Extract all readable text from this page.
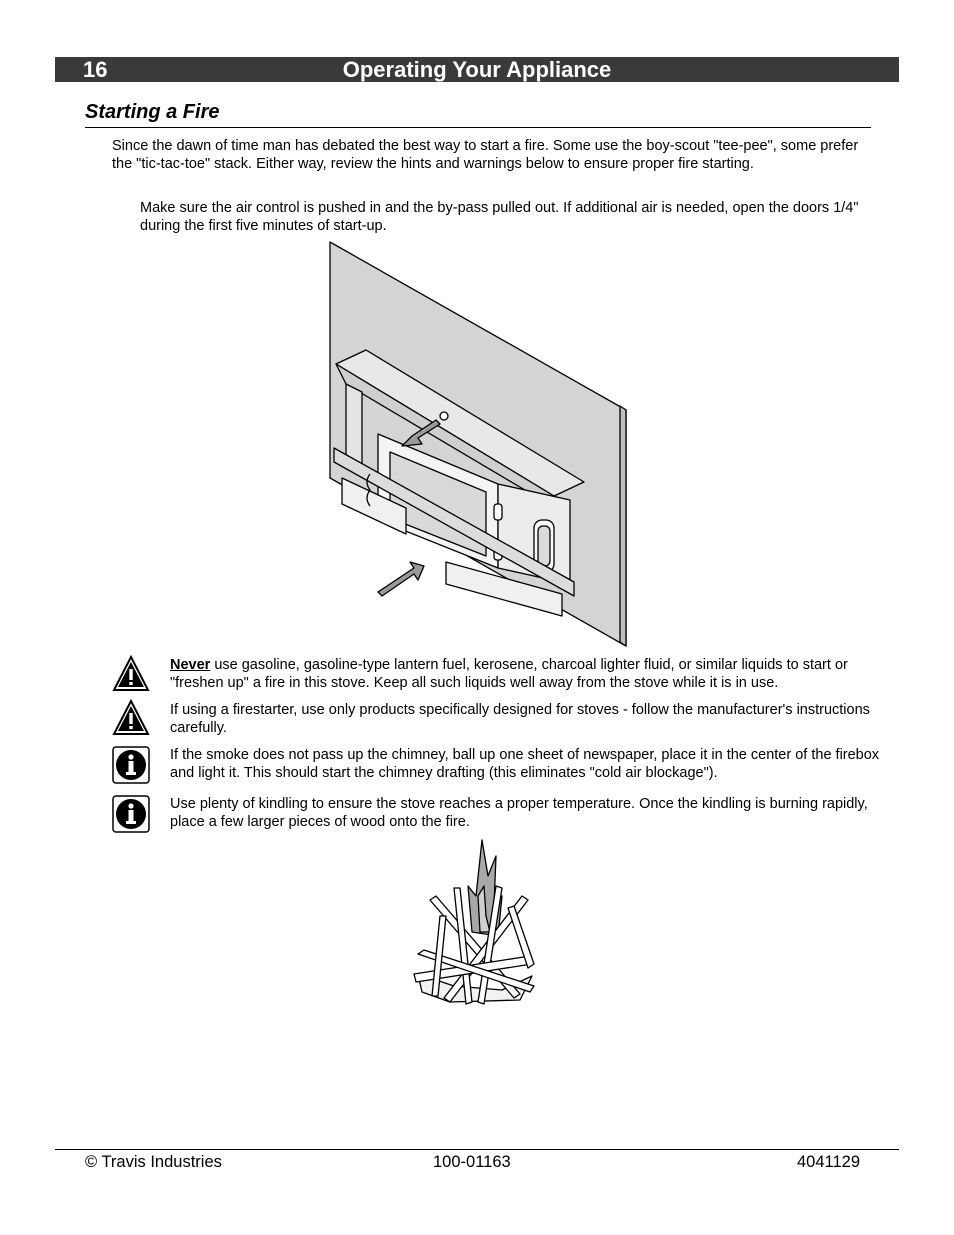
16	Operating Your Appliance
Starting a Fire
Since the dawn of time man has debated the best way to start a fire. Some use the boy-scout "tee-pee", some prefer the "tic-tac-toe" stack. Either way, review the hints and warnings below to ensure proper fire starting.
Make sure the air control is pushed in and the by-pass pulled out. If additional air is needed, open the doors 1/4" during the first five minutes of start-up.
Never use gasoline, gasoline-type lantern fuel, kerosene, charcoal lighter fluid, or similar liquids to start or "freshen up" a fire in this stove. Keep all such liquids well away from the stove while it is in use.
If using a firestarter, use only products specifically designed for stoves - follow the manufacturer's instructions carefully.
If the smoke does not pass up the chimney, ball up one sheet of newspaper, place it in the center of the firebox and light it. This should start the chimney drafting (this eliminates "cold air blockage").
Use plenty of kindling to ensure the stove reaches a proper temperature. Once the kindling is burning rapidly, place a few larger pieces of wood onto the fire.
© Travis Industries	100-01163	4041129
